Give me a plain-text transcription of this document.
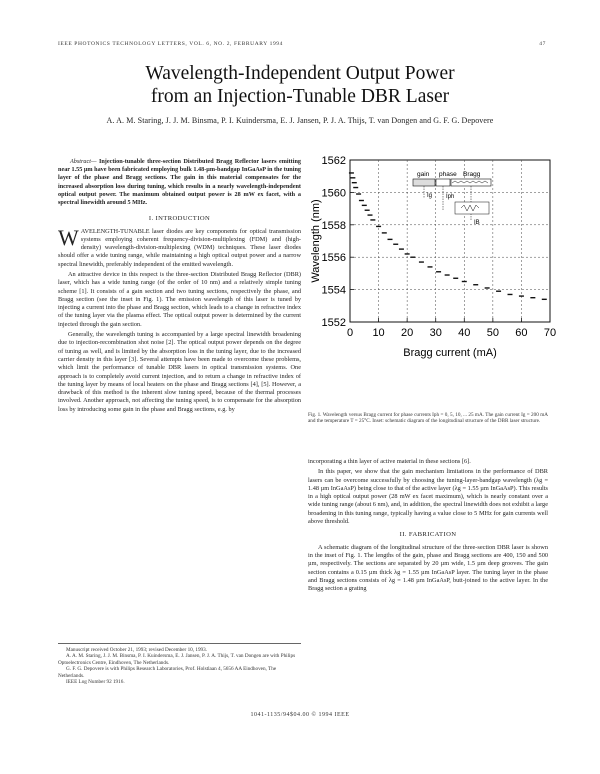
IEEE PHOTONICS TECHNOLOGY LETTERS, VOL. 6, NO. 2, FEBRUARY 1994	47
Wavelength-Independent Output Power
from an Injection-Tunable DBR Laser
A. A. M. Staring, J. J. M. Binsma, P. I. Kuindersma, E. J. Jansen, P. J. A. Thijs, T. van Dongen and G. F. G. Depovere

Abstract— Injection-tunable three-section Distributed Bragg Reflector lasers emitting near 1.55 µm have been fabricated employing bulk 1.48-µm-bandgap InGaAsP in the tuning layer of the phase and Bragg sections. The gain in this material compensates for the increased absorption loss during tuning, which results in a nearly wavelength-independent optical output power. The maximum obtained output power is 28 mW ex facet, with a spectral linewidth around 5 MHz.

I. INTRODUCTION

W AVELENGTH-TUNABLE laser diodes are key components for optical transmission systems employing coherent frequency-division-multiplexing (FDM) and (high-density) wavelength-division-multiplexing (WDM) techniques. These laser diodes should offer a wide tuning range, while maintaining a high optical output power and a narrow spectral linewidth, preferably independent of the emitted wavelength.

An attractive device in this respect is the three-section Distributed Bragg Reflector (DBR) laser, which has a wide tuning range (of the order of 10 nm) and a relatively simple tuning scheme [1]. It consists of a gain section and two tuning sections, respectively the phase, and Bragg section (see the inset in Fig. 1). The emission wavelength of this laser is tuned by injecting a current into the phase and Bragg section, which leads to a change in refractive index of the tuning layer via the plasma effect. The optical output power is determined by the current injected through the gain section.

Generally, the wavelength tuning is accompanied by a large spectral linewidth broadening due to injection-recombination shot noise [2]. The optical output power depends on the degree of tuning as well, and is limited by the absorption loss in the tuning layer, due to the increased carrier density in this layer [3]. Several attempts have been made to overcome these problems, which limit the performance of tunable DBR lasers in optical transmission systems. One approach is to completely avoid current injection, and to return a change in refractive index of the tuning layer by means of local heaters on the phase and Bragg sections [4], [5]. However, a drawback of this method is the inherent slow tuning speed, because of the thermal processes involved. Another approach, not affecting the tuning speed, is to compensate for the absorption loss by introducing some gain in the phase and Bragg sections, e.g. by

Manuscript received October 21, 1993; revised December 10, 1993.

A. A. M. Staring, J. J. M. Binsma, P. I. Kuindersma, E. J. Jansen, P. J. A. Thijs, T. van Dongen are with Philips Optoelectronics Centre, Eindhoven, The Netherlands.

G. F. G. Depovere is with Philips Research Laboratories, Prof. Holstlaan 4, 5656 AA Eindhoven, The Netherlands.

IEEE Log Number 92 1916.

1552
1554
1556
1558
1560
1562
0 10 20 30 40 50 60 70
Wavelength (nm)
Bragg current (mA)
gain phase Bragg
Ig Iph
IB
Fig. 1. Wavelength versus Bragg current for phase currents Iph = 0, 5, 10, ... 25 mA. The gain current Ig = 200 mA and the temperature T = 25°C. Inset: schematic diagram of the longitudinal structure of the DBR laser structure.

incorporating a thin layer of active material in these sections [6].

In this paper, we show that the gain mechanism limitations in the performance of DBR lasers can be overcome successfully by choosing the tuning-layer-bandgap wavelength (λg = 1.48 µm InGaAsP) being close to that of the active layer (λg = 1.55 µm InGaAsP). This results in a high optical output power (28 mW ex facet maximum), which is nearly constant over a wide tuning range (about 6 nm), and, in addition, the spectral linewidth does not exhibit a large broadening in this tuning range, typically having a value close to 5 MHz for gain currents well above threshold.

II. FABRICATION

A schematic diagram of the longitudinal structure of the three-section DBR laser is shown in the inset of Fig. 1. The lengths of the gain, phase and Bragg sections are 400, 150 and 500 µm, respectively. The sections are separated by 20 µm wide, 1.5 µm deep grooves. The gain section contains a 0.15 µm thick λg = 1.55 µm InGaAsP layer. The tuning layer in the phase and Bragg sections consists of λg = 1.48 µm InGaAsP, butt-joined to the active layer. In the Bragg section a grating

1041-1135/94$04.00 © 1994 IEEE
